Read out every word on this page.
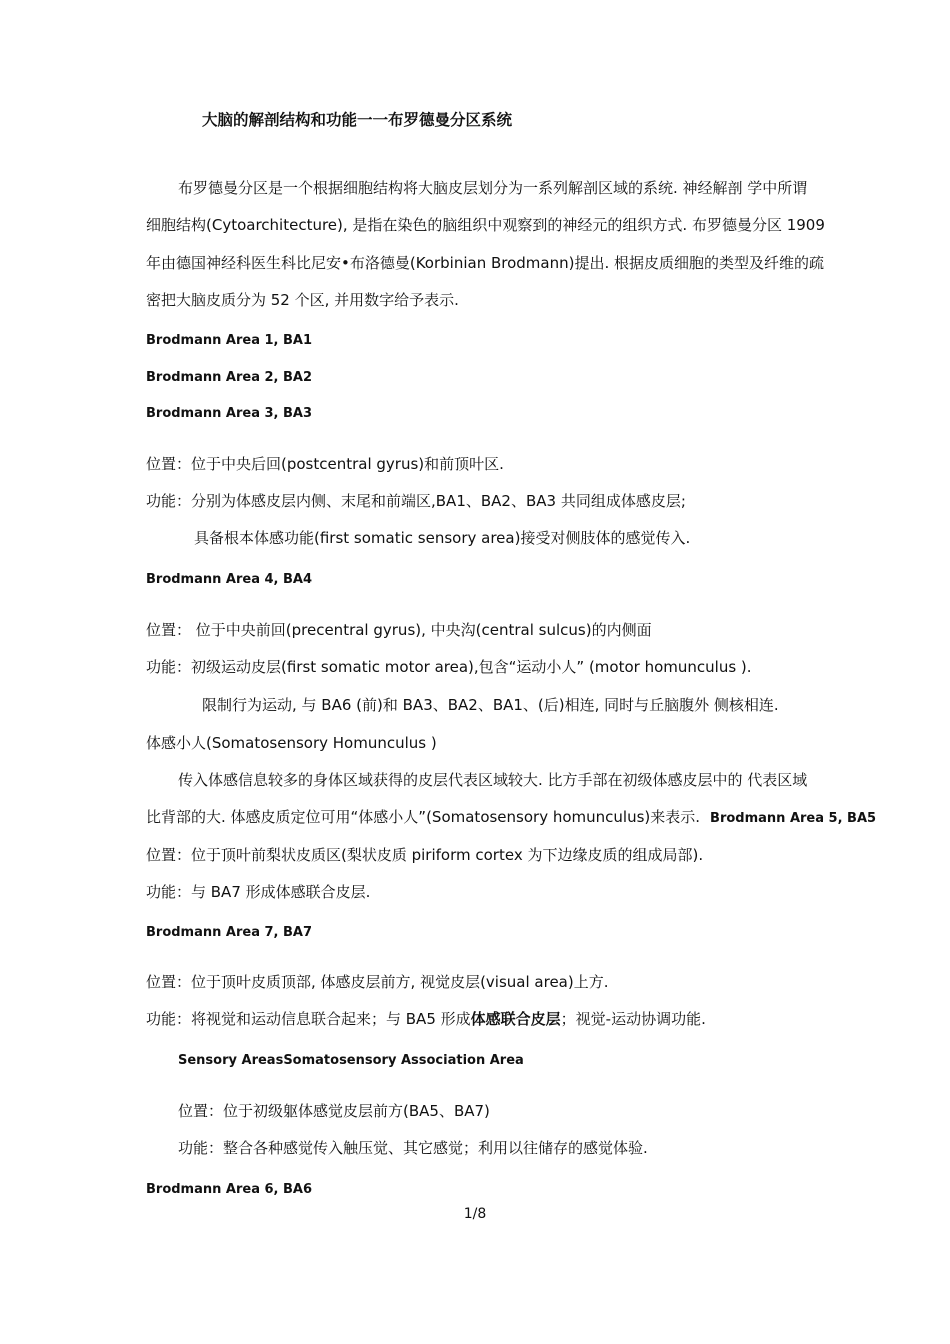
大脑的解剖结构和功能一一布罗德曼分区系统
布罗德曼分区是一个根据细胞结构将大脑皮层划分为一系列解剖区域的系统. 神经解剖 学中所谓
细胞结构(Cytoarchitecture), 是指在染色的脑组织中观察到的神经元的组织方式. 布罗德曼分区 1909
年由德国神经科医生科比尼安•布洛德曼(Korbinian Brodmann)提出. 根据皮质细胞的类型及纤维的疏
密把大脑皮质分为 52 个区, 并用数字给予表示.
Brodmann Area 1, BA1
Brodmann Area 2, BA2
Brodmann Area 3, BA3
位置：位于中央后回(postcentral gyrus)和前顶叶区.
功能：分别为体感皮层内侧、末尾和前端区,BA1、BA2、BA3 共同组成体感皮层;
具备根本体感功能(first somatic sensory area)接受对侧肢体的感觉传入.
Brodmann Area 4, BA4
位置： 位于中央前回(precentral gyrus), 中央沟(central sulcus)的内侧面
功能：初级运动皮层(first somatic motor area),包含“运动小人” (motor homunculus ).
限制行为运动, 与 BA6 (前)和 BA3、BA2、BA1、(后)相连, 同时与丘脑腹外 侧核相连.
体感小人(Somatosensory Homunculus )
传入体感信息较多的身体区域获得的皮层代表区域较大. 比方手部在初级体感皮层中的 代表区域
比背部的大. 体感皮质定位可用“体感小人”(Somatosensory homunculus)来表示. Brodmann Area 5, BA5
位置：位于顶叶前梨状皮质区(梨状皮质 piriform cortex 为下边缘皮质的组成局部).
功能：与 BA7 形成体感联合皮层.
Brodmann Area 7, BA7
位置：位于顶叶皮质顶部, 体感皮层前方, 视觉皮层(visual area)上方.
功能：将视觉和运动信息联合起来；与 BA5 形成体感联合皮层；视觉-运动协调功能.
Sensory AreasSomatosensory Association Area
位置：位于初级躯体感觉皮层前方(BA5、BA7)
功能：整合各种感觉传入触压觉、其它感觉；利用以往储存的感觉体验.
Brodmann Area 6, BA6
1/8
